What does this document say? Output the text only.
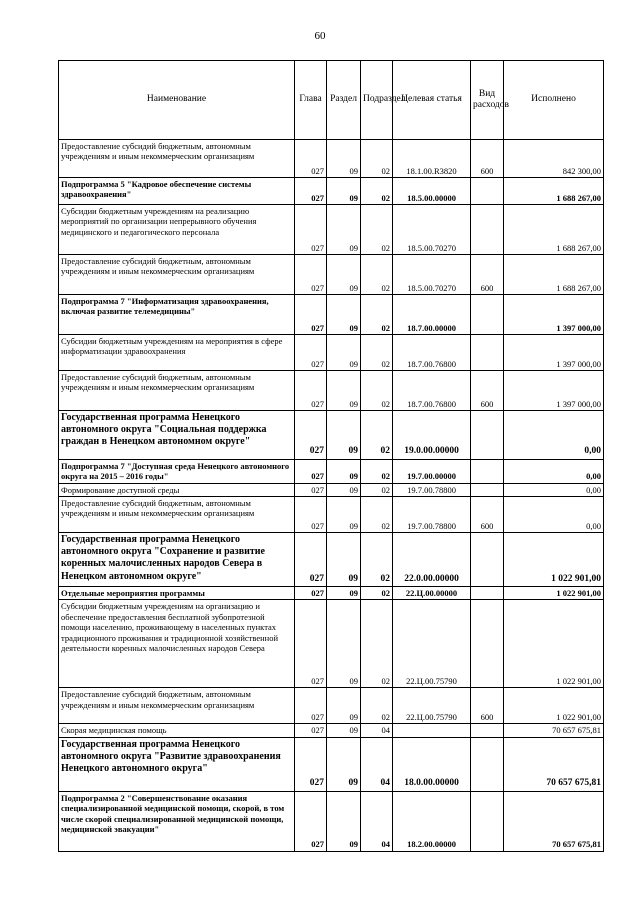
60
Наименование	Глава	Раздел	Подраздел	Целевая статья	Вид расходов	Исполнено
Предоставление субсидий бюджетным, автономным учреждениям и иным некоммерческим организациям	027	09	02	18.1.00.R3820	600	842 300,00
Подпрограмма 5 "Кадровое обеспечение системы здравоохранения"	027	09	02	18.5.00.00000		1 688 267,00
Субсидии бюджетным учреждениям на реализацию мероприятий по организации непрерывного обучения медицинского и педагогического персонала	027	09	02	18.5.00.70270		1 688 267,00
Предоставление субсидий бюджетным, автономным учреждениям и иным некоммерческим организациям	027	09	02	18.5.00.70270	600	1 688 267,00
Подпрограмма 7 "Информатизация здравоохранения, включая развитие телемедицины"	027	09	02	18.7.00.00000		1 397 000,00
Субсидии бюджетным учреждениям на мероприятия в сфере информатизации здравоохранения	027	09	02	18.7.00.76800		1 397 000,00
Предоставление субсидий бюджетным, автономным учреждениям и иным некоммерческим организациям	027	09	02	18.7.00.76800	600	1 397 000,00
Государственная программа Ненецкого автономного округа "Социальная поддержка граждан в Ненецком автономном округе"	027	09	02	19.0.00.00000		0,00
Подпрограмма 7 "Доступная среда Ненецкого автономного округа на 2015 – 2016 годы"	027	09	02	19.7.00.00000		0,00
Формирование доступной среды	027	09	02	19.7.00.78800		0,00
Предоставление субсидий бюджетным, автономным учреждениям и иным некоммерческим организациям	027	09	02	19.7.00.78800	600	0,00
Государственная программа Ненецкого автономного округа "Сохранение и развитие коренных малочисленных народов Севера в Ненецком автономном округе"	027	09	02	22.0.00.00000		1 022 901,00
Отдельные мероприятия программы	027	09	02	22.Ц.00.00000		1 022 901,00
Субсидии бюджетным учреждениям на организацию и обеспечение предоставления бесплатной зубопротезной помощи населению, проживающему в населенных пунктах традиционного проживания и традиционной хозяйственной деятельности коренных малочисленных народов Севера	027	09	02	22.Ц.00.75790		1 022 901,00
Предоставление субсидий бюджетным, автономным учреждениям и иным некоммерческим организациям	027	09	02	22.Ц.00.75790	600	1 022 901,00
Скорая медицинская помощь	027	09	04			70 657 675,81
Государственная программа Ненецкого автономного округа "Развитие здравоохранения Ненецкого автономного округа"	027	09	04	18.0.00.00000		70 657 675,81
Подпрограмма 2 "Совершенствование оказания специализированной медицинской помощи, скорой, в том числе скорой специализированной медицинской помощи, медицинской эвакуации"	027	09	04	18.2.00.00000		70 657 675,81
